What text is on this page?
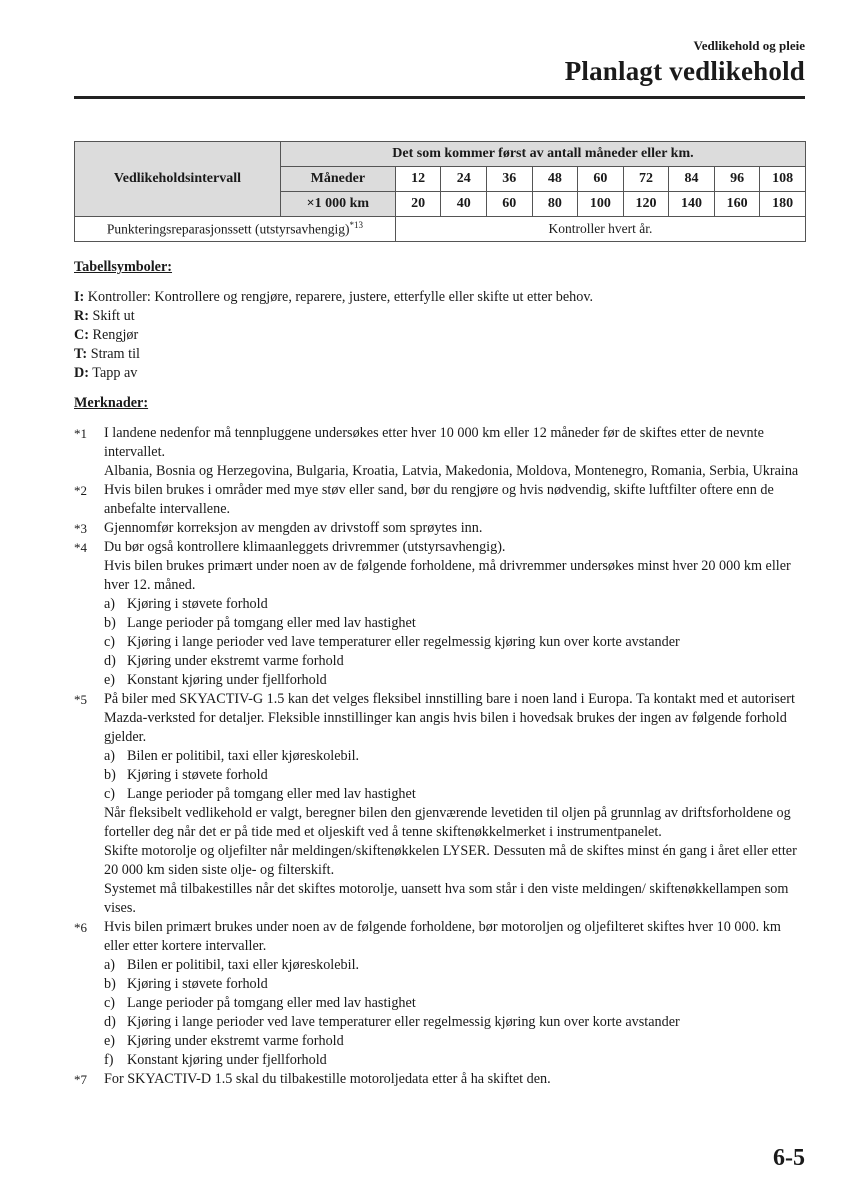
Vedlikehold og pleie
Planlagt vedlikehold
Vedlikeholdsintervall	Det som kommer først av antall måneder eller km.									
	Måneder	12	24	36	48	60	72	84	96	108
	×1 000 km	20	40	60	80	100	120	140	160	180
Punkteringsreparasjonssett (utstyrsavhengig)$^{*13}$		Kontroller hvert år.								
Tabellsymboler:

I: Kontroller: Kontrollere og rengjøre, reparere, justere, etterfylle eller skifte ut etter behov.

R: Skift ut

C: Rengjør

T: Stram til

D: Tapp av

Merknader:
*1	I landene nedenfor må tennpluggene undersøkes etter hver 10 000 km eller 12 måneder før de skiftes etter de nevnte intervallet.

Albania, Bosnia og Herzegovina, Bulgaria, Kroatia, Latvia, Makedonia, Moldova, Montenegro, Romania, Serbia, Ukraina

*2	Hvis bilen brukes i områder med mye støv eller sand, bør du rengjøre og hvis nødvendig, skifte luftfilter oftere enn de anbefalte intervallene.

*3	Gjennomfør korreksjon av mengden av drivstoff som sprøytes inn.

*4	Du bør også kontrollere klimaanleggets drivremmer (utstyrsavhengig).

Hvis bilen brukes primært under noen av de følgende forholdene, må drivremmer undersøkes minst hver 20 000 km eller hver 12. måned.

a) Kjøring i støvete forhold
b) Lange perioder på tomgang eller med lav hastighet
c) Kjøring i lange perioder ved lave temperaturer eller regelmessig kjøring kun over korte avstander
d) Kjøring under ekstremt varme forhold
e) Konstant kjøring under fjellforhold
*5	På biler med SKYACTIV-G 1.5 kan det velges fleksibel innstilling bare i noen land i Europa. Ta kontakt med et autorisert Mazda-verksted for detaljer. Fleksible innstillinger kan angis hvis bilen i hovedsak brukes der ingen av følgende forhold gjelder.

a) Bilen er politibil, taxi eller kjøreskolebil.
b) Kjøring i støvete forhold
c) Lange perioder på tomgang eller med lav hastighet

Når fleksibelt vedlikehold er valgt, beregner bilen den gjenværende levetiden til oljen på grunnlag av driftsforholdene og forteller deg når det er på tide med et oljeskift ved å tenne skiftenøkkelmerket i instrumentpanelet.

Skifte motorolje og oljefilter når meldingen/skiftenøkkelen LYSER. Dessuten må de skiftes minst én gang i året eller etter 20 000 km siden siste olje- og filterskift.

Systemet må tilbakestilles når det skiftes motorolje, uansett hva som står i den viste meldingen/ skiftenøkkellampen som vises.

*6	Hvis bilen primært brukes under noen av de følgende forholdene, bør motoroljen og oljefilteret skiftes hver 10 000. km eller etter kortere intervaller.

a) Bilen er politibil, taxi eller kjøreskolebil.
b) Kjøring i støvete forhold
c) Lange perioder på tomgang eller med lav hastighet
d) Kjøring i lange perioder ved lave temperaturer eller regelmessig kjøring kun over korte avstander
e) Kjøring under ekstremt varme forhold
f) Konstant kjøring under fjellforhold
*7	For SKYACTIV-D 1.5 skal du tilbakestille motoroljedata etter å ha skiftet den.

6-5
